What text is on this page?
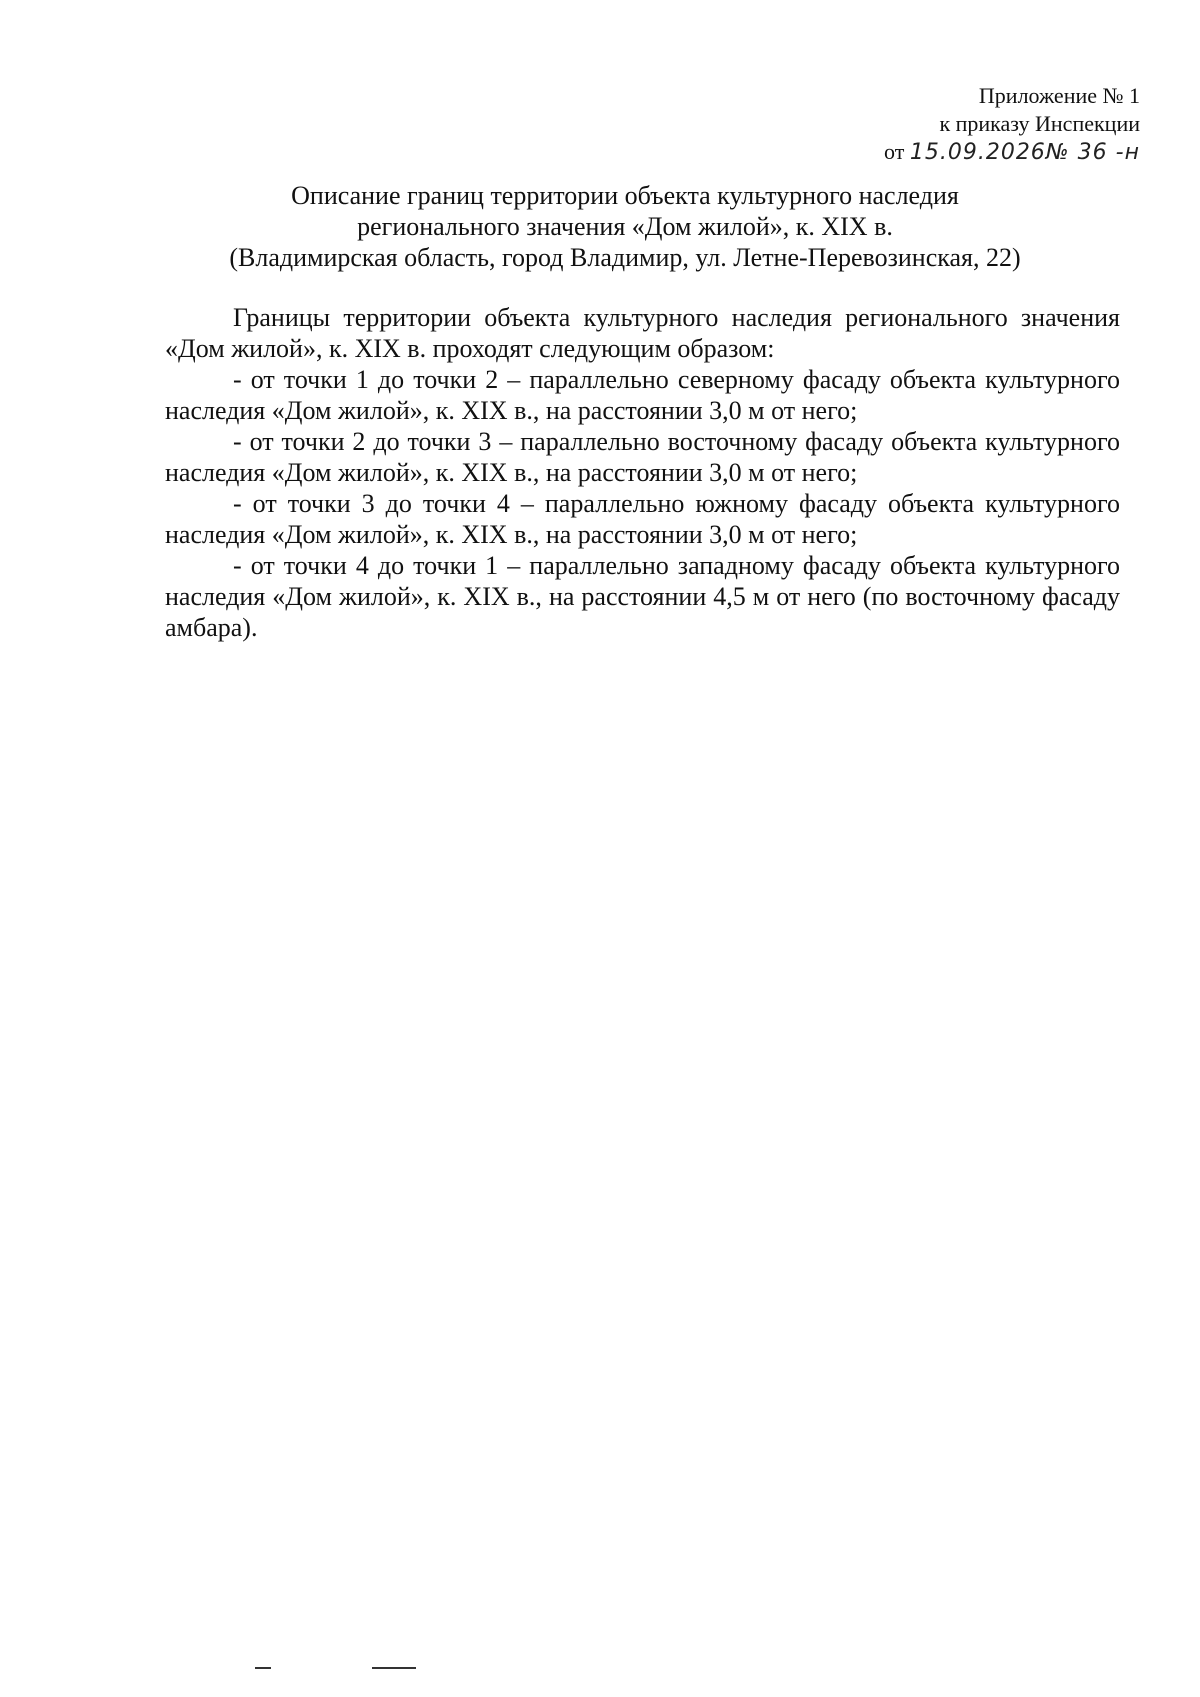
Приложение № 1
к приказу Инспекции
от 15.09.2026№ 36 -н
Описание границ территории объекта культурного наследия
регионального значения «Дом жилой», к. XIX в.
(Владимирская область, город Владимир, ул. Летне-Перевозинская, 22)

Границы территории объекта культурного наследия регионального значения «Дом жилой», к. XIX в. проходят следующим образом:

- от точки 1 до точки 2 – параллельно северному фасаду объекта культурного наследия «Дом жилой», к. XIX в., на расстоянии 3,0 м от него;

- от точки 2 до точки 3 – параллельно восточному фасаду объекта культурного наследия «Дом жилой», к. XIX в., на расстоянии 3,0 м от него;

- от точки 3 до точки 4 – параллельно южному фасаду объекта культурного наследия «Дом жилой», к. XIX в., на расстоянии 3,0 м от него;

- от точки 4 до точки 1 – параллельно западному фасаду объекта культурного наследия «Дом жилой», к. XIX в., на расстоянии 4,5 м от него (по восточному фасаду амбара).
